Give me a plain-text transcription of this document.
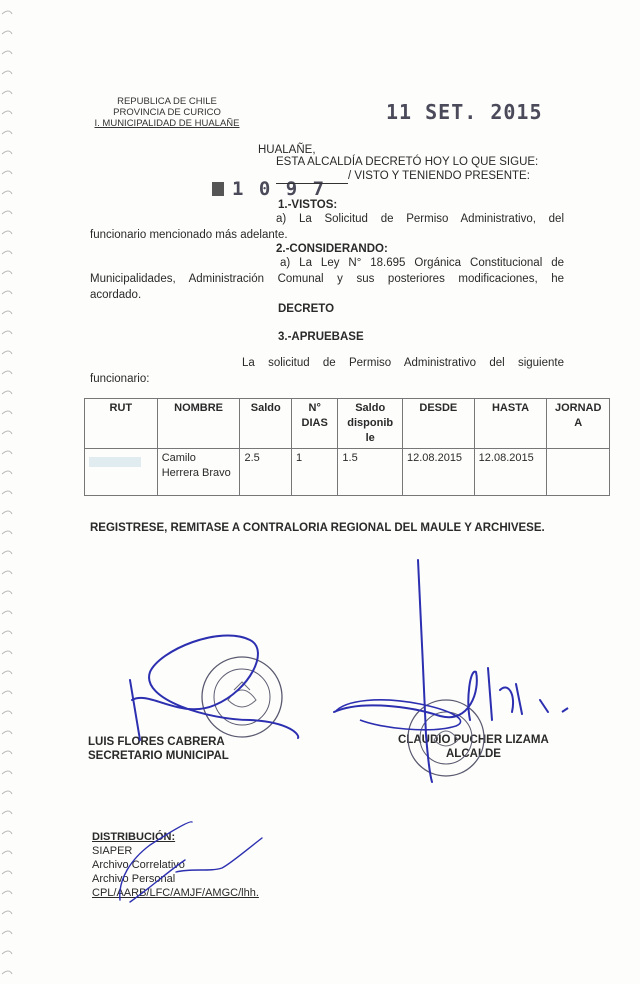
REPUBLICA DE CHILE
PROVINCIA DE CURICO
I. MUNICIPALIDAD DE HUALAÑE	11 SET. 2015
HUALAÑE,
ESTA ALCALDÍA DECRETÓ HOY LO QUE SIGUE:
1 0 9 7
/ VISTO Y TENIENDO PRESENTE:
1.-VISTOS:
a) La Solicitud de Permiso Administrativo, del
funcionario mencionado más adelante.
2.-CONSIDERANDO:
a) La Ley N° 18.695 Orgánica Constitucional de
Municipalidades, Administración Comunal y sus posteriores modificaciones, he
acordado.
DECRETO
3.-APRUEBASE
La solicitud de Permiso Administrativo del siguiente
funcionario:
RUT	NOMBRE	Saldo	N° DIAS	Saldo disponib le	DESDE	HASTA	JORNAD A
	Camilo Herrera Bravo	2.5	1	1.5	12.08.2015	12.08.2015	
REGISTRESE, REMITASE A CONTRALORIA REGIONAL DEL MAULE Y ARCHIVESE.
LUIS FLORES CABRERA
SECRETARIO MUNICIPAL
CLAUDIO PUCHER LIZAMA
ALCALDE
DISTRIBUCIÓN:
SIAPER
Archivo Correlativo
Archivo Personal
CPL/AARB/LFC/AMJF/AMGC/lhh.
